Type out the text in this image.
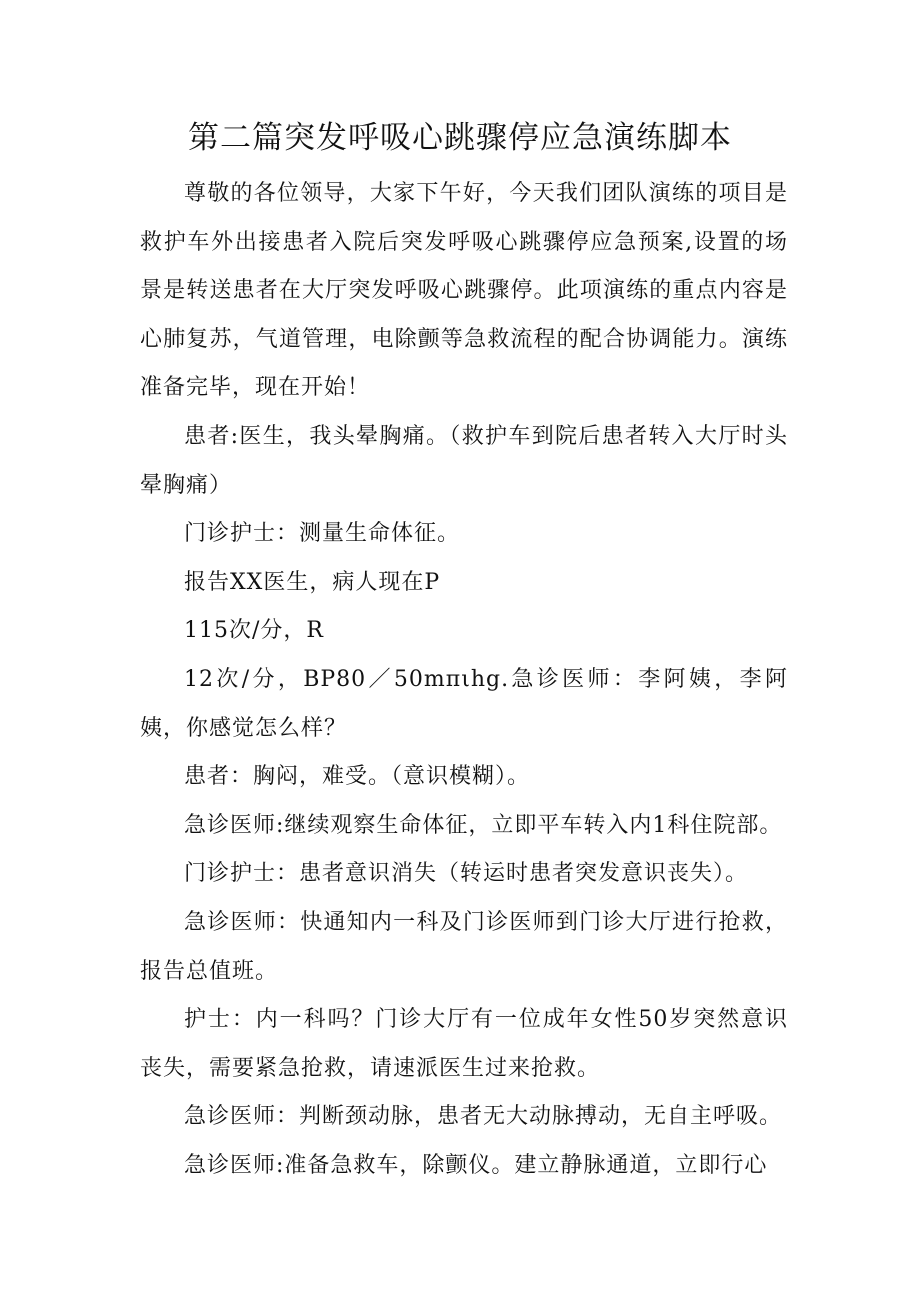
第二篇突发呼吸心跳骤停应急演练脚本

尊敬的各位领导，大家下午好，今天我们团队演练的项目是救护车外出接患者入院后突发呼吸心跳骤停应急预案,设置的场景是转送患者在大厅突发呼吸心跳骤停。此项演练的重点内容是心肺复苏，气道管理，电除颤等急救流程的配合协调能力。演练准备完毕，现在开始！

患者:医生，我头晕胸痛。（救护车到院后患者转入大厅时头晕胸痛）

门诊护士：测量生命体征。

报告XX医生，病人现在P

115次/分，R

12次/分，BP80／50mπιhg.急诊医师：李阿姨，李阿姨，你感觉怎么样？

患者：胸闷，难受。（意识模糊）。

急诊医师:继续观察生命体征，立即平车转入内1科住院部。

门诊护士：患者意识消失（转运时患者突发意识丧失）。

急诊医师：快通知内一科及门诊医师到门诊大厅进行抢救，报告总值班。

护士：内一科吗？门诊大厅有一位成年女性50岁突然意识丧失，需要紧急抢救，请速派医生过来抢救。

急诊医师：判断颈动脉，患者无大动脉搏动，无自主呼吸。

急诊医师:准备急救车，除颤仪。建立静脉通道，立即行心
